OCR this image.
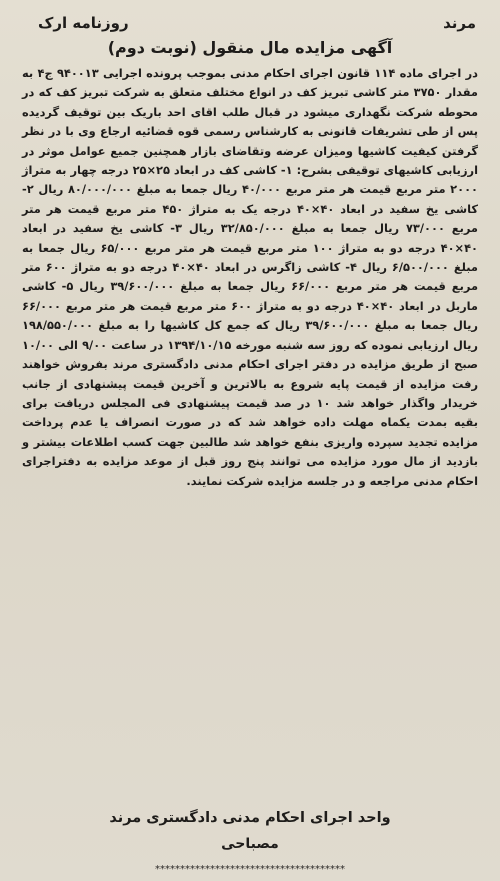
روزنامه ارک	مرند
آگهی مزایده مال منقول (نوبت دوم)
در اجرای ماده ۱۱۴ قانون اجرای احکام مدنی بموجب پرونده اجرایی ۹۴۰۰۱۳ ج۴ به مقدار ۳۷۵۰ متر کاشی تبریز کف در انواع مختلف متعلق به شرکت تبریز کف که در محوطه شرکت نگهداری میشود در قبال طلب اقای احد باریک بین توقیف گردیده پس از طی تشریفات قانونی به کارشناس رسمی قوه قضائیه ارجاع وی با در نظر گرفتن کیفیت کاشیها ومیزان عرضه وتقاضای بازار همچنین جمیع عوامل موثر در ارزیابی کاشیهای توقیفی بشرح: ۱- کاشی کف در ابعاد ۲۵×۲۵ درجه چهار به متراژ ۲۰۰۰ متر مربع قیمت هر متر مربع ۴۰/۰۰۰ ریال جمعا به مبلغ ۸۰/۰۰۰/۰۰۰ ریال ۲- کاشی یخ سفید در ابعاد ۴۰×۴۰ درجه یک به متراژ ۴۵۰ متر مربع قیمت هر متر مربع ۷۳/۰۰۰ ریال جمعا به مبلغ ۳۲/۸۵۰/۰۰۰ ریال ۳- کاشی یخ سفید در ابعاد ۴۰×۴۰ درجه دو به متراژ ۱۰۰ متر مربع قیمت هر متر مربع ۶۵/۰۰۰ ریال جمعا به مبلغ ۶/۵۰۰/۰۰۰ ریال ۴- کاشی زاگرس در ابعاد ۴۰×۴۰ درجه دو به متراژ ۶۰۰ متر مربع قیمت هر متر مربع ۶۶/۰۰۰ ریال جمعا به مبلغ ۳۹/۶۰۰/۰۰۰ ریال ۵- کاشی ماربل در ابعاد ۴۰×۴۰ درجه دو به متراژ ۶۰۰ متر مربع قیمت هر متر مربع ۶۶/۰۰۰ ریال جمعا به مبلغ ۳۹/۶۰۰/۰۰۰ ریال که جمع کل کاشیها را به مبلغ ۱۹۸/۵۵۰/۰۰۰ ریال ارزیابی نموده که روز سه شنبه مورخه ۱۳۹۴/۱۰/۱۵ در ساعت ۹/۰۰ الی ۱۰/۰۰ صبح از طریق مزایده در دفتر اجرای احکام مدنی دادگستری مرند بفروش خواهند رفت مزایده از قیمت پایه شروع به بالاترین و آخرین قیمت پیشنهادی از جانب خریدار واگذار خواهد شد ۱۰ در صد قیمت پیشنهادی فی المجلس دریافت برای بقیه بمدت یکماه مهلت داده خواهد شد که در صورت انصراف یا عدم پرداخت مزایده تجدید سپرده واریزی بنفع خواهد شد طالبین جهت کسب اطلاعات بیشتر و بازدید از مال مورد مزایده می توانند پنج روز قبل از موعد مزایده به دفتراجرای احکام مدنی مراجعه و در جلسه مزایده شرکت نمایند.
واحد اجرای احکام مدنی دادگستری مرند
مصباحی
**************************************
